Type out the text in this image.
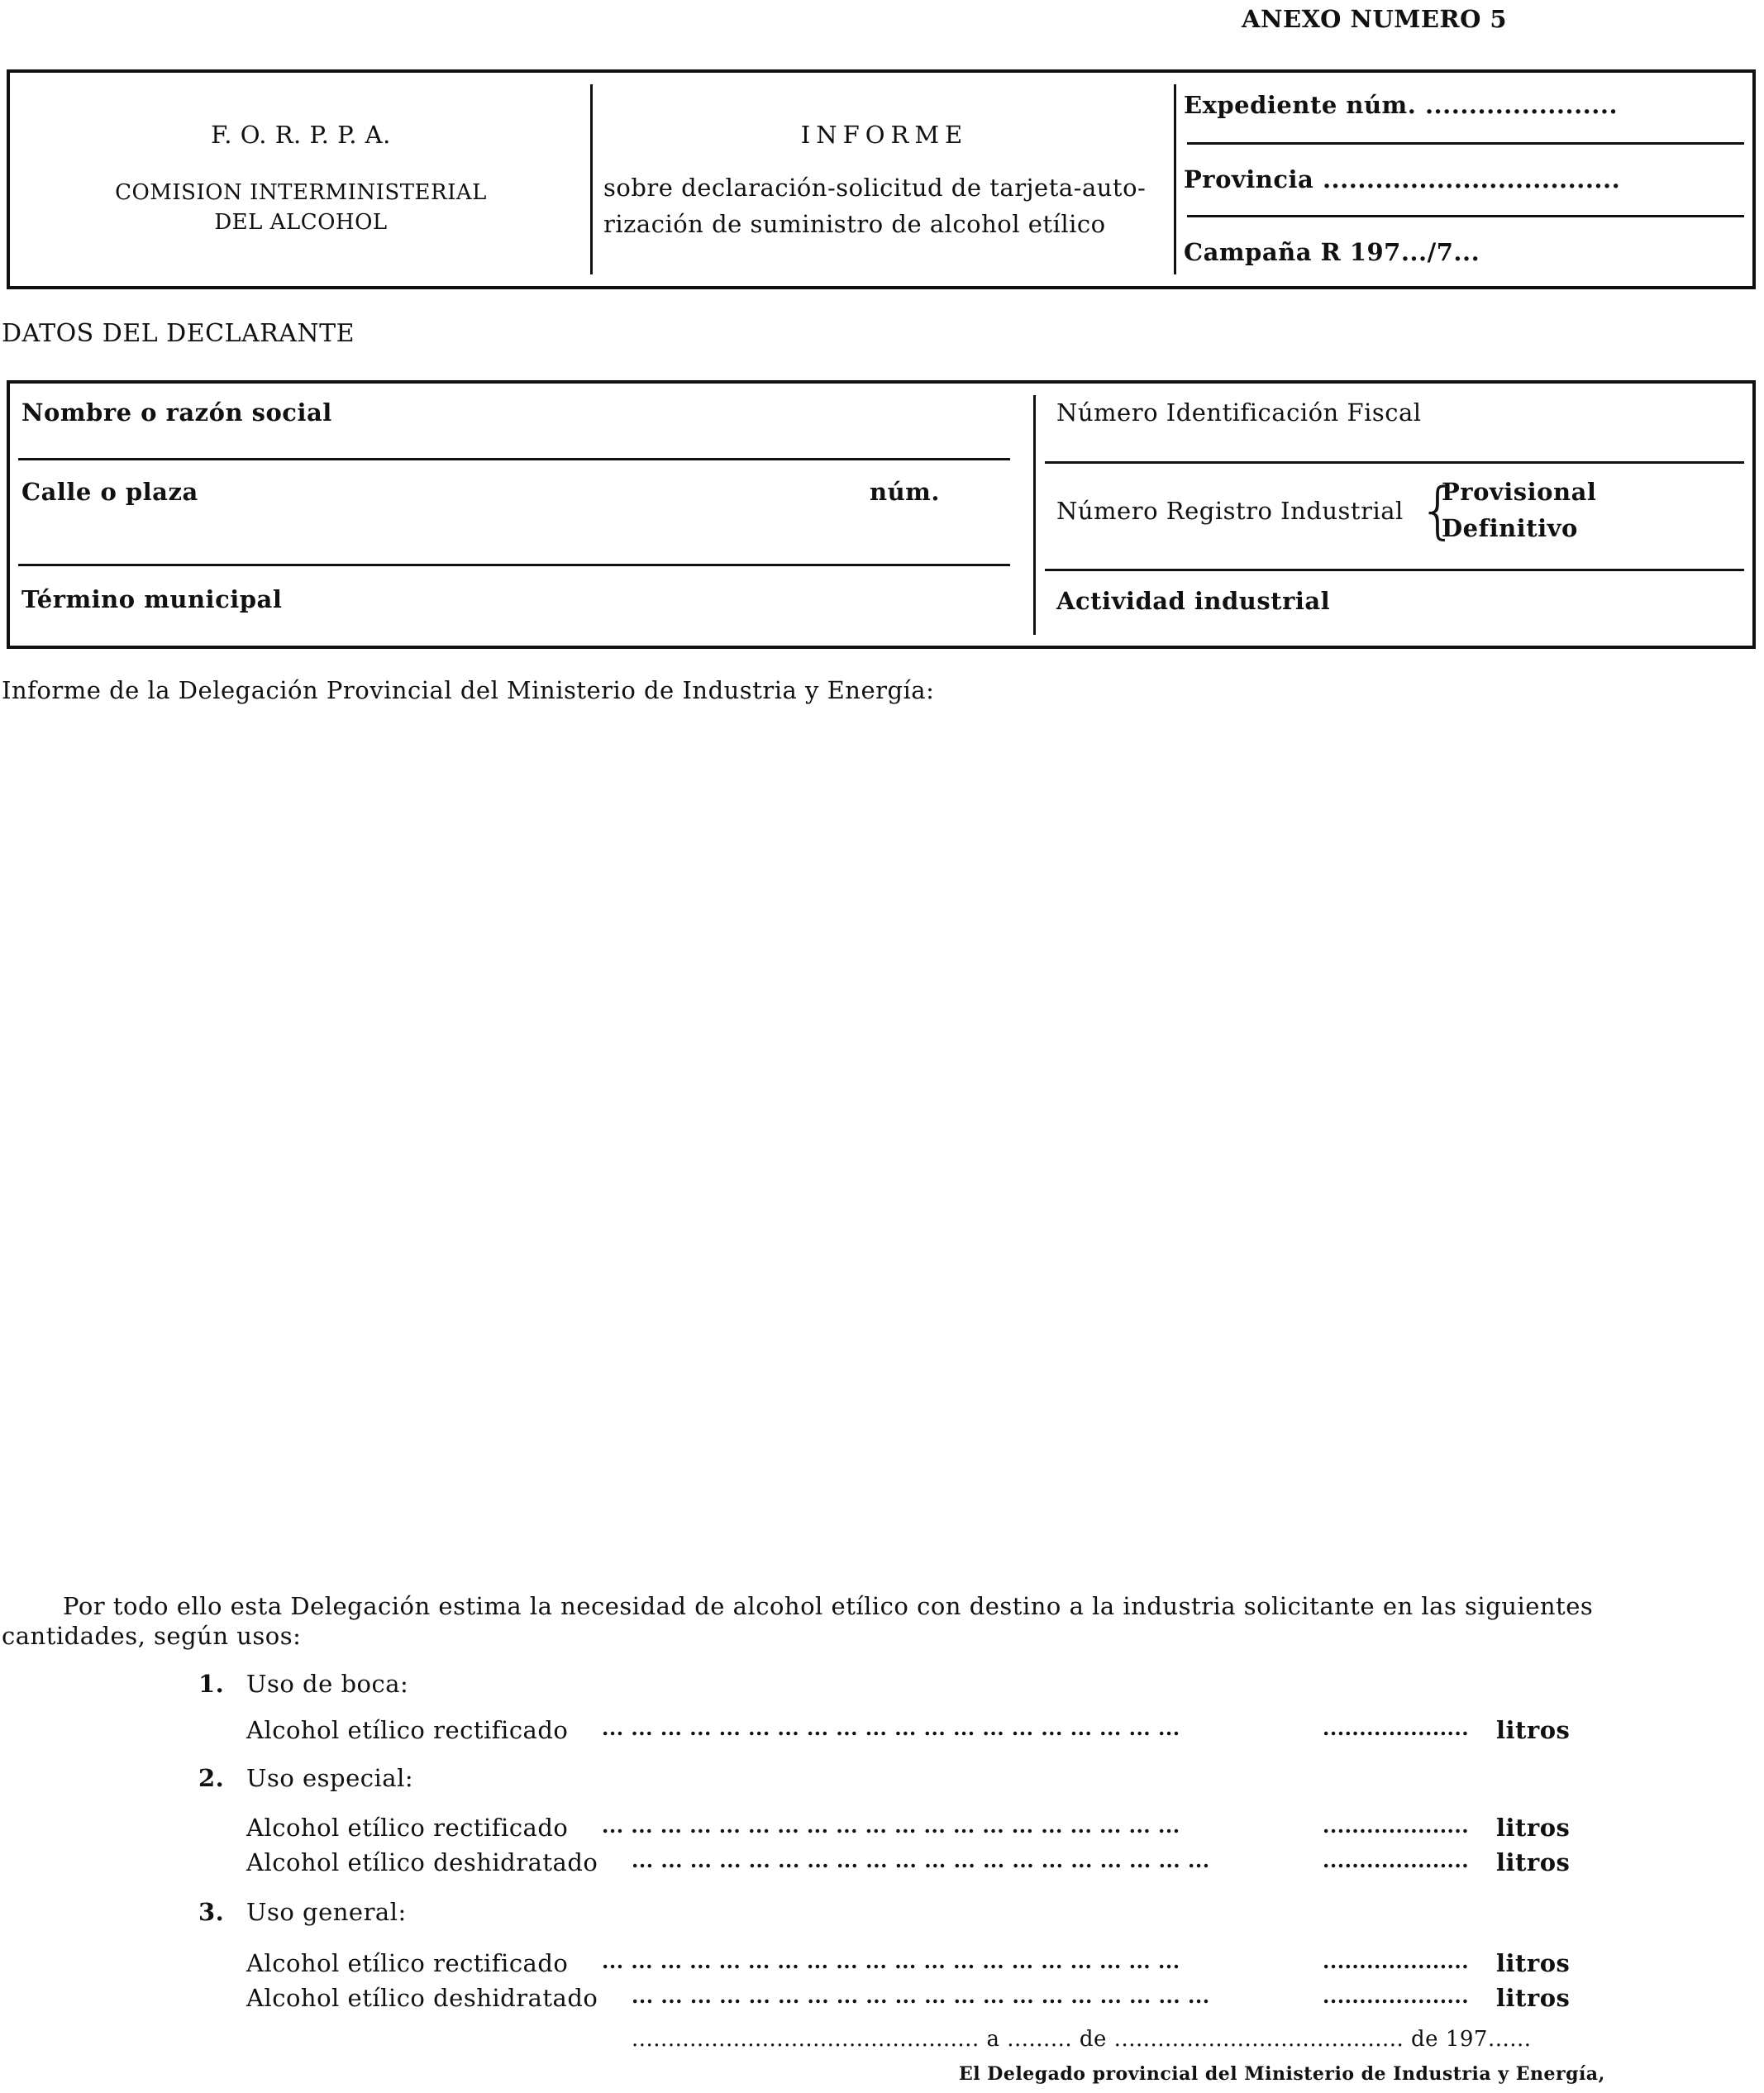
ANEXO NUMERO 5
F. O. R. P. P. A.
COMISION INTERMINISTERIAL
DEL ALCOHOL
INFORME
sobre declaración-solicitud de tarjeta-auto-
rización de suministro de alcohol etílico
Expediente núm. ......................
Provincia ..................................
Campaña R 197.../7...
DATOS DEL DECLARANTE
Nombre o razón social
Calle o plaza	núm.
Término municipal
Número Identificación Fiscal
Número Registro Industrial {
Provisional
Definitivo
Actividad industrial
Informe de la Delegación Provincial del Ministerio de Industria y Energía:
Por todo ello esta Delegación estima la necesidad de alcohol etílico con destino a la industria solicitante en las siguientes
cantidades, según usos:
1. Uso de boca:
Alcohol etílico rectificado ... ... ... ... ... ... ... ... ... ... ... ... ... ... ... ... ... ... ... ...	.................... litros
2. Uso especial:
Alcohol etílico rectificado ... ... ... ... ... ... ... ... ... ... ... ... ... ... ... ... ... ... ... ...	.................... litros
Alcohol etílico deshidratado ... ... ... ... ... ... ... ... ... ... ... ... ... ... ... ... ... ... ... ...	.................... litros
3. Uso general:
Alcohol etílico rectificado ... ... ... ... ... ... ... ... ... ... ... ... ... ... ... ... ... ... ... ...	.................... litros
Alcohol etílico deshidratado ... ... ... ... ... ... ... ... ... ... ... ... ... ... ... ... ... ... ... ...	.................... litros
................................................ a ......... de ........................................ de 197......
El Delegado provincial del Ministerio de Industria y Energía,
